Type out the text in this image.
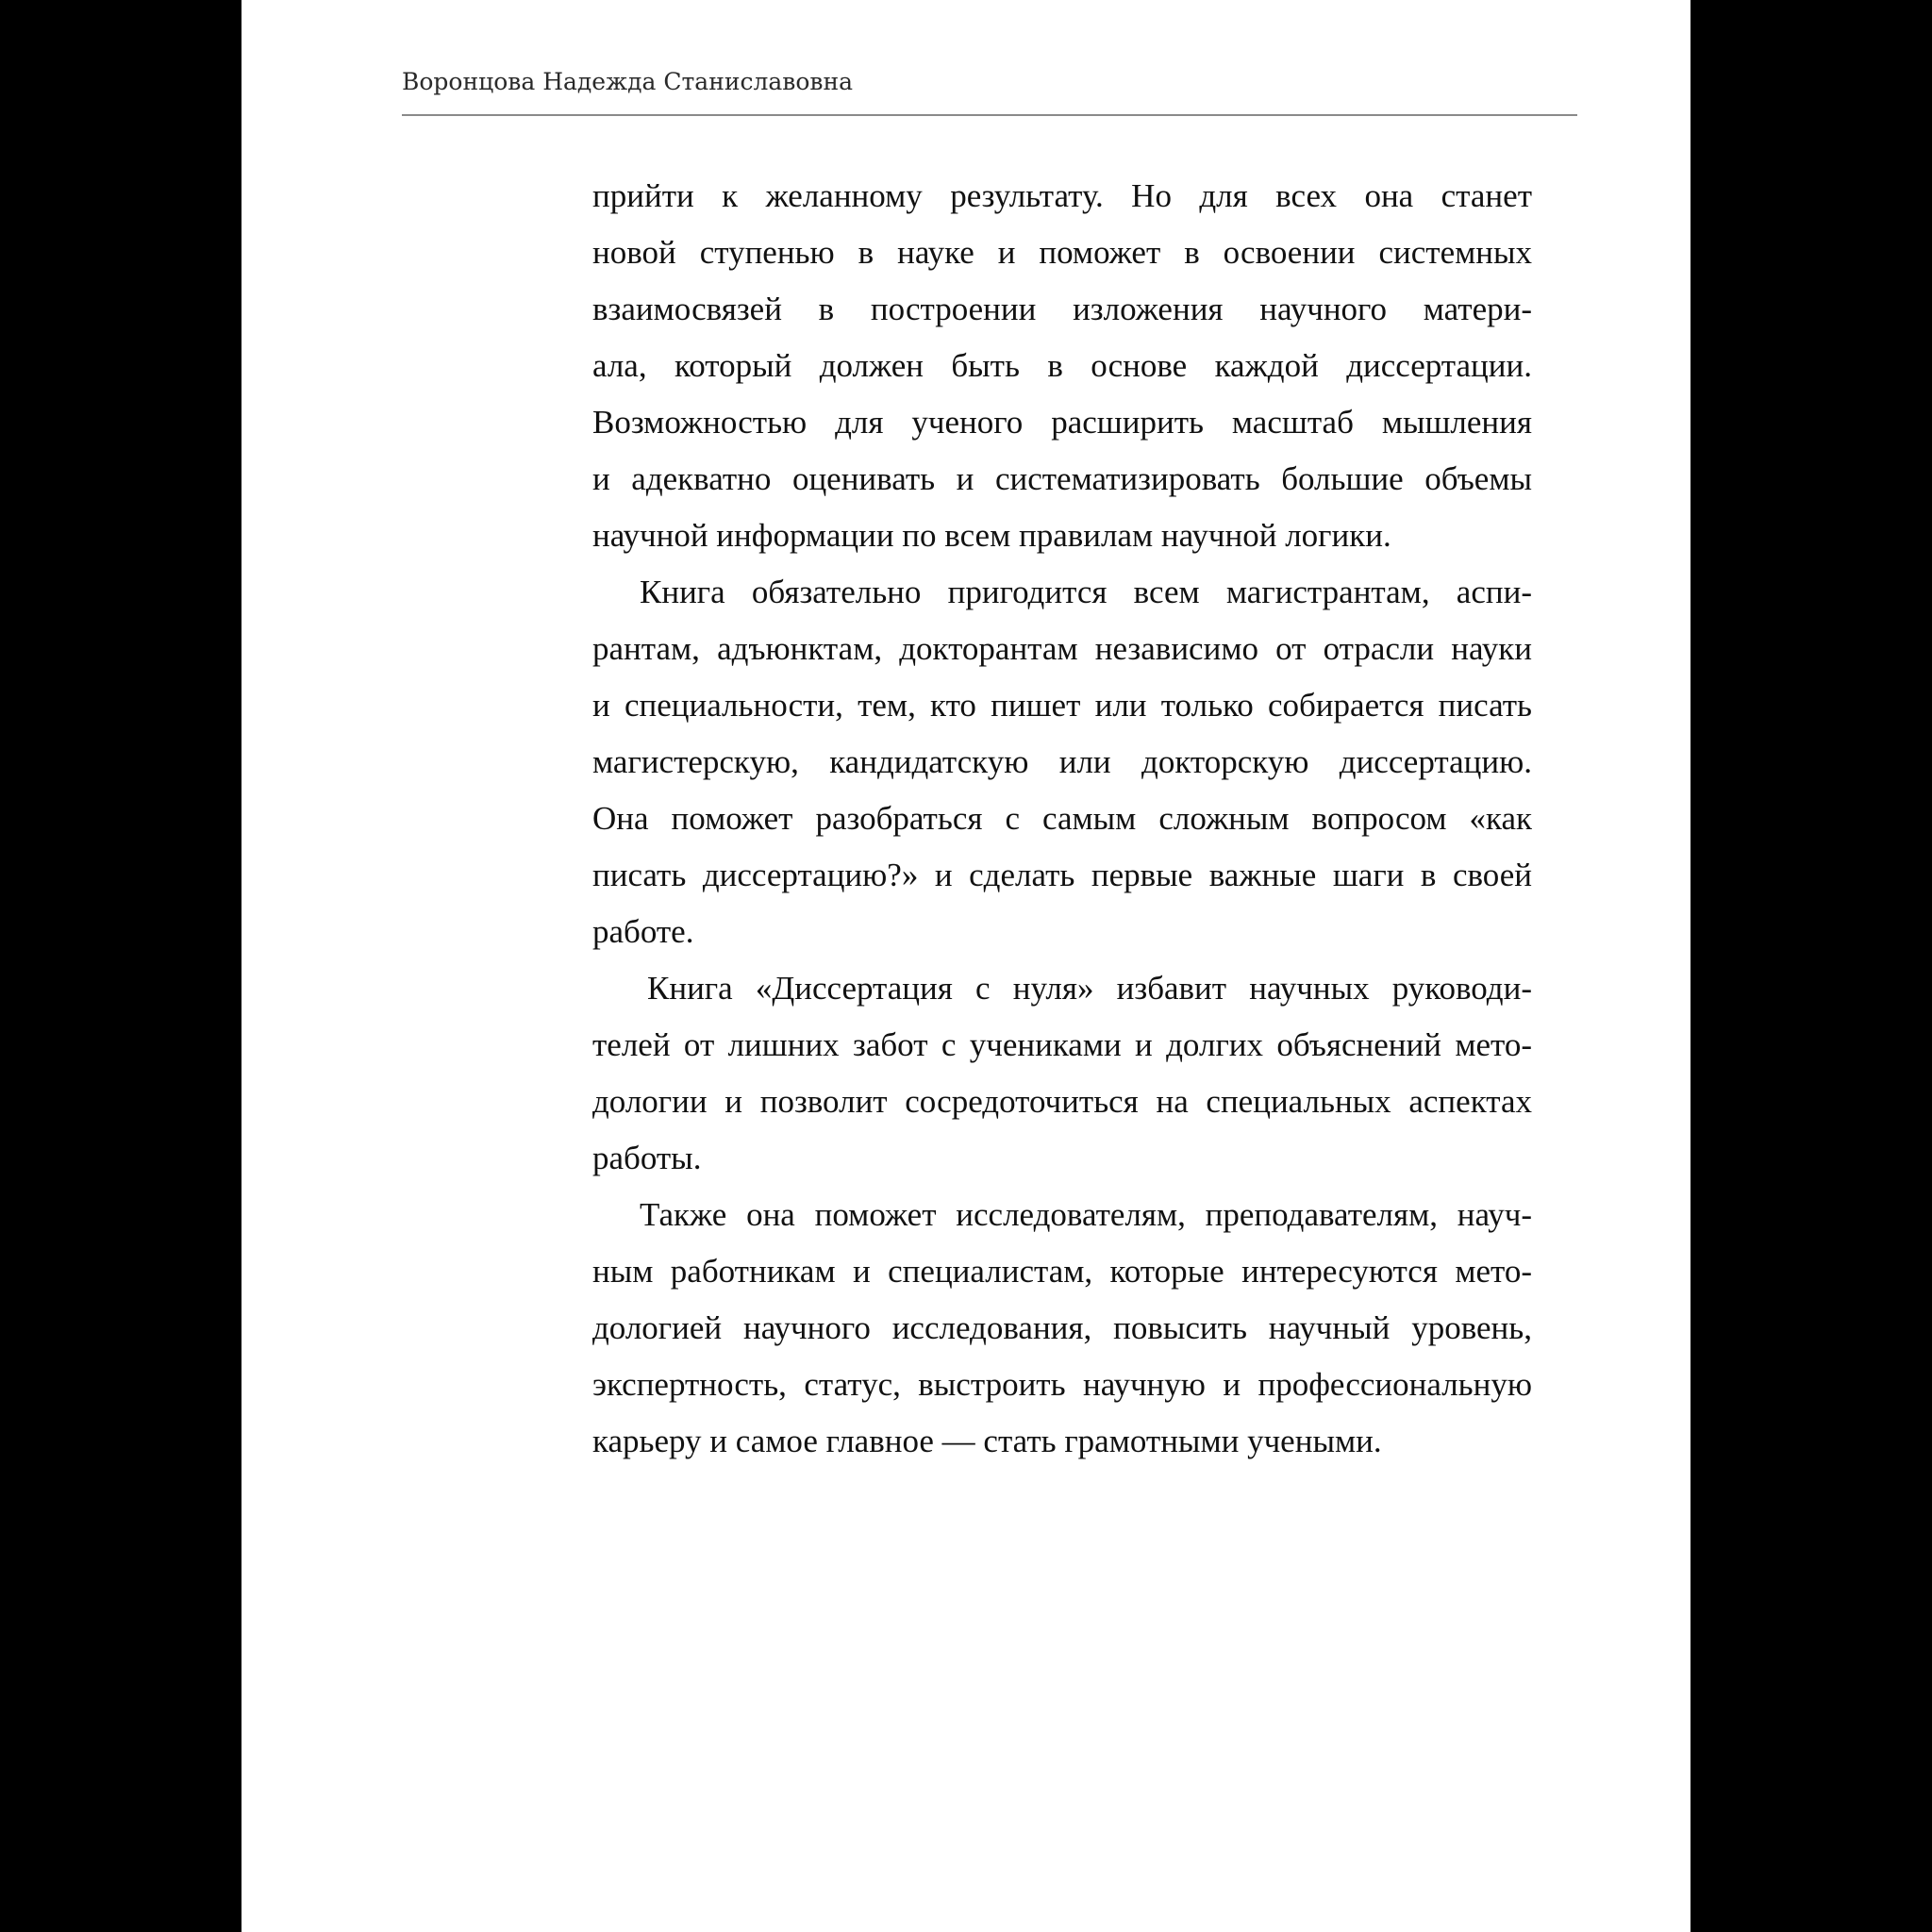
Воронцова Надежда Станиславовна
прийти к желанному результату. Но для всех она станет
новой ступенью в науке и поможет в освоении системных
взаимосвязей в построении изложения научного матери-
ала, который должен быть в основе каждой диссертации.
Возможностью для ученого расширить масштаб мышления
и адекватно оценивать и систематизировать большие объемы
научной информации по всем правилам научной логики.
Книга обязательно пригодится всем магистрантам, аспи-
рантам, адъюнктам, докторантам независимо от отрасли науки
и специальности, тем, кто пишет или только собирается писать
магистерскую, кандидатскую или докторскую диссертацию.
Она поможет разобраться с самым сложным вопросом «как
писать диссертацию?» и сделать первые важные шаги в своей
работе.
Книга «Диссертация с нуля» избавит научных руководи-
телей от лишних забот с учениками и долгих объяснений мето-
дологии и позволит сосредоточиться на специальных аспектах
работы.
Также она поможет исследователям, преподавателям, науч-
ным работникам и специалистам, которые интересуются мето-
дологией научного исследования, повысить научный уровень,
экспертность, статус, выстроить научную и профессиональную
карьеру и самое главное — стать грамотными учеными.
